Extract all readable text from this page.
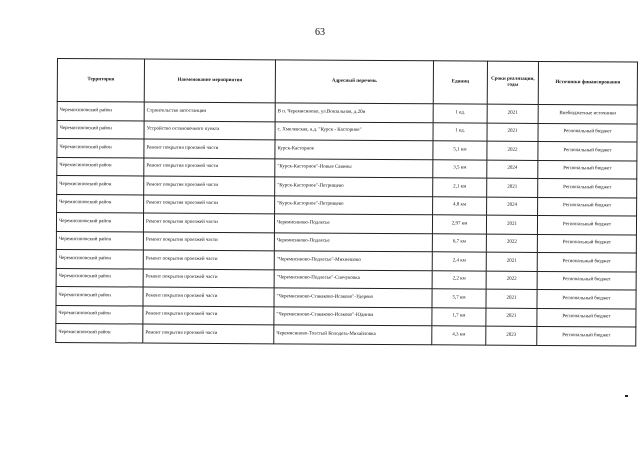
63
Территория	Наименование мероприятия	Адресный перечень	Единиц	Сроки реализации, годы	Источники финансирования
Черемисиновский район	Строительство автостанции	В п. Черемисиново, ул.Вокзальная, д.20и	1 ед.	2021	Внебюджетные источники
Черемисиновский район	Устройство остановочного пункта	с. Хмелевская, а.д. "Курск - Касторное"	1 ед.	2021	Региональный бюджет
Черемисиновский район	Ремонт покрытия проезжей части	Курск-Касторное	5,1 км	2022	Региональный бюджет
Черемисиновский район	Ремонт покрытия проезжей части	"Курск-Касторное"-Новые Савины	3,5 км	2024	Региональный бюджет
Черемисиновский район	Ремонт покрытия проезжей части	"Курск-Касторное"-Петрищево	2,1 км	2021	Региональный бюджет
Черемисиновский район	Ремонт покрытия проезжей части	"Курск-Касторное"-Петрищево	4,8 км	2024	Региональный бюджет
Черемисиновский район	Ремонт покрытия проезжей части	Черемисиново-Подлесье	2,97 км	2021	Региональный бюджет
Черемисиновский район	Ремонт покрытия проезжей части	Черемисиново-Подлесье	6,7 км	2022	Региональный бюджет
Черемисиновский район	Ремонт покрытия проезжей части	"Черемисиново-Подлесье"-Михнешово	2,4 км	2021	Региональный бюджет
Черемисиновский район	Ремонт покрытия проезжей части	"Черемисиново-Подлесье"-Спечуковка	2,2 км	2022	Региональный бюджет
Черемисиновский район	Ремонт покрытия проезжей части	"Черемисиново-Стакаково-Исаково"-Удерево	5,7 км	2021	Региональный бюджет
Черемисиновский район	Ремонт покрытия проезжей части	"Черемисиново-Стакаково-Исаково"-Юдинка	1,7 км	2021	Региональный бюджет
Черемисиновский район	Ремонт покрытия проезжей части	Черемисиново-Толстый Колодезь-Михайловка	4,3 км	2023	Региональный бюджет
